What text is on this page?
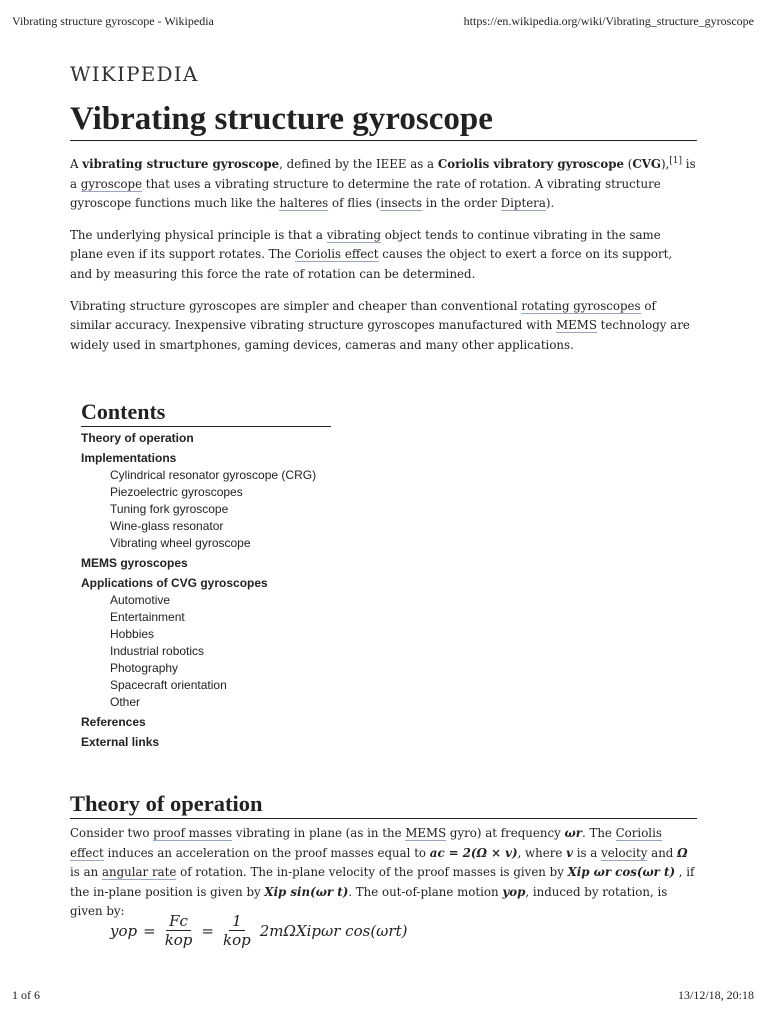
Vibrating structure gyroscope - Wikipedia	https://en.wikipedia.org/wiki/Vibrating_structure_gyroscope
WIKIPEDIA
Vibrating structure gyroscope

A vibrating structure gyroscope, defined by the IEEE as a Coriolis vibratory gyroscope (CVG),[1] is a gyroscope that uses a vibrating structure to determine the rate of rotation. A vibrating structure gyroscope functions much like the halteres of flies (insects in the order Diptera).

The underlying physical principle is that a vibrating object tends to continue vibrating in the same plane even if its support rotates. The Coriolis effect causes the object to exert a force on its support, and by measuring this force the rate of rotation can be determined.

Vibrating structure gyroscopes are simpler and cheaper than conventional rotating gyroscopes of similar accuracy. Inexpensive vibrating structure gyroscopes manufactured with MEMS technology are widely used in smartphones, gaming devices, cameras and many other applications.

Contents
Theory of operation
Implementations
Cylindrical resonator gyroscope (CRG)
Piezoelectric gyroscopes
Tuning fork gyroscope
Wine-glass resonator
Vibrating wheel gyroscope
MEMS gyroscopes
Applications of CVG gyroscopes
Automotive
Entertainment
Hobbies
Industrial robotics
Photography
Spacecraft orientation
Other
References
External links
Theory of operation

Consider two proof masses vibrating in plane (as in the MEMS gyro) at frequency ωr. The Coriolis effect induces an acceleration on the proof masses equal to ac = 2(Ω × v), where v is a velocity and Ω is an angular rate of rotation. The in-plane velocity of the proof masses is given by Xip ωr cos(ωr t) , if the in-plane position is given by Xip sin(ωr t). The out-of-plane motion yop, induced by rotation, is given by:

yop = $\frac{Fc}{\text{kop}} = \frac{1}{\text{kop}} 2m\Omega Xip\omega r$ cos(ωrt)
1 of 6	13/12/18, 20:18
